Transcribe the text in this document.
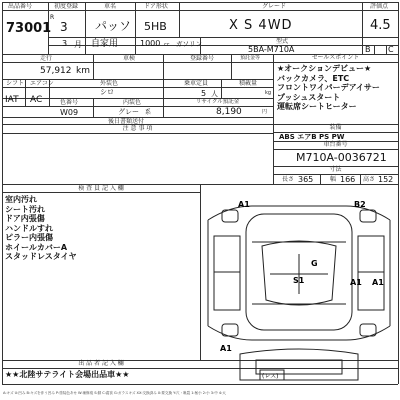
出品番号
73001
初度登録
R
3
3 月
車名
パッソ
自家用
ドア形状
5HB
1000 cc ガソリン
グレード
X S 4WD
型式
5BA-M710A
評価点
4.5
B C
走行
57,912 km
車検	登録番号	預託金等
シフト
IAT
エアコン
AC
外装色
シロ
乗車定員
5 人
積載量
kg
内装色
色番号
W09	グレー 系
リサイクル預託金
8,190	円
後日書類送付
セールスポイント
★オークションデビュー★
バックカメラ、ETC
フロントワイパーデアイサー
プッシュスタート
運転席シートヒーター
装備
ABS エアB PS PW
注 意 事 項
車台番号
M710A-0036721
寸法
長さ 365	幅 166 高さ 152
検 査 員 記 入 欄
室内汚れ
シート汚れ
ドア内張傷
ハンドルすれ
ピラー内張傷
ホイールカバーA
スタッドレスタイヤ
出 品 者 記 入 欄
★★北陸サテライト会場出品車★★
A1	B2
G
S1	A1 A1
A1
(レス)
A:キズ U:凹み B:キズを伴う凹み P:塗装色あせ W:補修痕 S:錆 C:腐食 G:ガラスキズ XX:交換済み X:要交換 Y:穴・亀裂 1:極小 2:小 3:中 4:大
